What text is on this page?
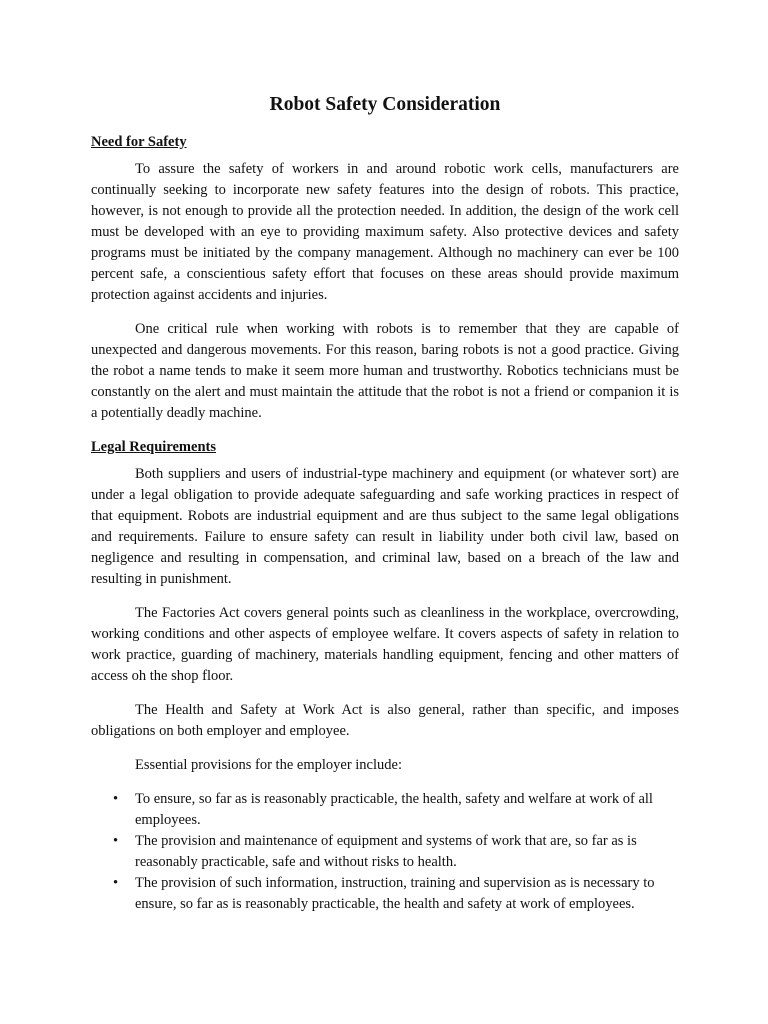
Robot Safety Consideration
Need for Safety

To assure the safety of workers in and around robotic work cells, manufacturers are continually seeking to incorporate new safety features into the design of robots. This practice, however, is not enough to provide all the protection needed. In addition, the design of the work cell must be developed with an eye to providing maximum safety. Also protective devices and safety programs must be initiated by the company management. Although no machinery can ever be 100 percent safe, a conscientious safety effort that focuses on these areas should provide maximum protection against accidents and injuries.

One critical rule when working with robots is to remember that they are capable of unexpected and dangerous movements. For this reason, baring robots is not a good practice. Giving the robot a name tends to make it seem more human and trustworthy. Robotics technicians must be constantly on the alert and must maintain the attitude that the robot is not a friend or companion it is a potentially deadly machine.

Legal Requirements

Both suppliers and users of industrial-type machinery and equipment (or whatever sort) are under a legal obligation to provide adequate safeguarding and safe working practices in respect of that equipment. Robots are industrial equipment and are thus subject to the same legal obligations and requirements. Failure to ensure safety can result in liability under both civil law, based on negligence and resulting in compensation, and criminal law, based on a breach of the law and resulting in punishment.

The Factories Act covers general points such as cleanliness in the workplace, overcrowding, working conditions and other aspects of employee welfare. It covers aspects of safety in relation to work practice, guarding of machinery, materials handling equipment, fencing and other matters of access oh the shop floor.

The Health and Safety at Work Act is also general, rather than specific, and imposes obligations on both employer and employee.

Essential provisions for the employer include:

• To ensure, so far as is reasonably practicable, the health, safety and welfare at work of all employees.
• The provision and maintenance of equipment and systems of work that are, so far as is reasonably practicable, safe and without risks to health.
• The provision of such information, instruction, training and supervision as is necessary to ensure, so far as is reasonably practicable, the health and safety at work of employees.
